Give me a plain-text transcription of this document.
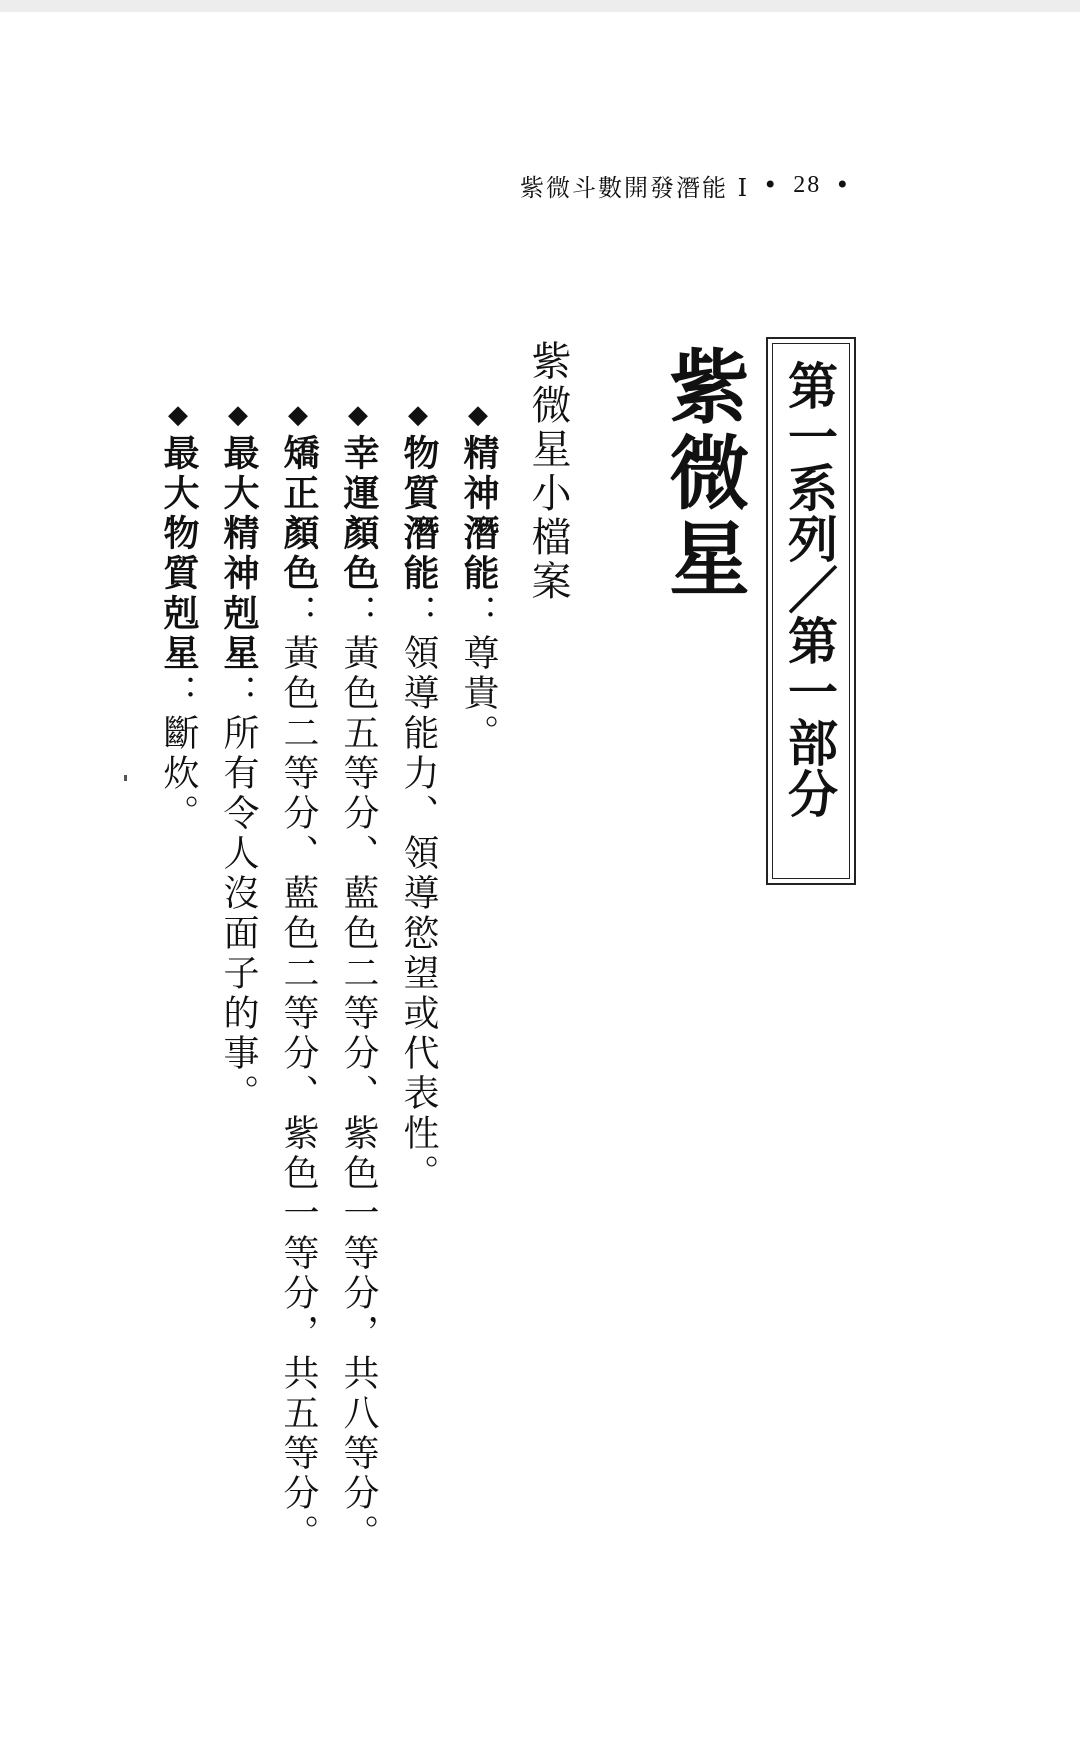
紫微斗數開發潛能 I • 28 •
第一系列／第一部分
紫微星
紫微星小檔案
◆精神潛能：尊貴。
◆物質潛能：領導能力、領導慾望或代表性。
◆幸運顏色：黃色五等分、藍色二等分、紫色一等分，共八等分。
◆矯正顏色：黃色二等分、藍色二等分、紫色一等分，共五等分。
◆最大精神剋星：所有令人沒面子的事。
◆最大物質剋星：斷炊。
